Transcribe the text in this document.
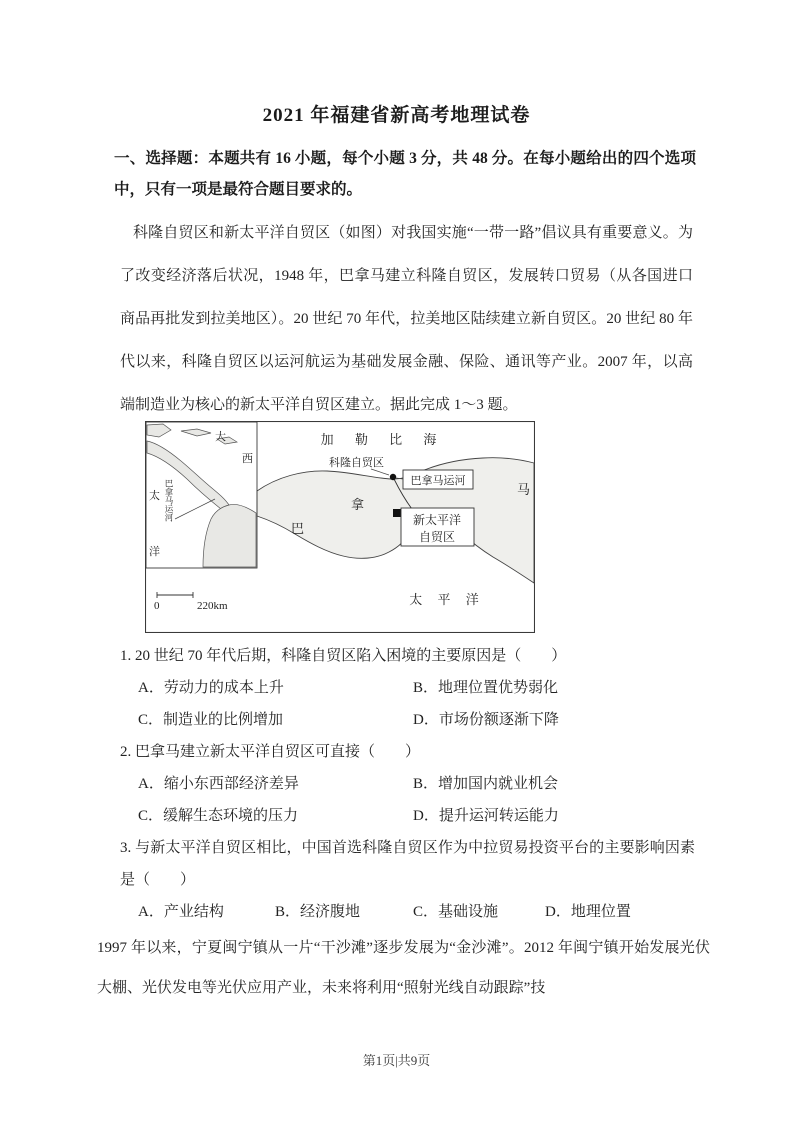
2021 年福建省新高考地理试卷

一、选择题：本题共有 16 小题，每个小题 3 分，共 48 分。在每小题给出的四个选项中，只有一项是最符合题目要求的。

科隆自贸区和新太平洋自贸区（如图）对我国实施“一带一路”倡议具有重要意义。为了改变经济落后状况，1948 年，巴拿马建立科隆自贸区，发展转口贸易（从各国进口商品再批发到拉美地区）。20 世纪 70 年代，拉美地区陆续建立新自贸区。20 世纪 80 年代以来，科隆自贸区以运河航运为基础发展金融、保险、通讯等产业。2007 年，以高端制造业为核心的新太平洋自贸区建立。据此完成 1～3 题。

加 勒 比 海
科隆自贸区
巴拿马运河
巴
拿
马
新太平洋
自贸区
太 平 洋
0	220km
大
西
太
洋
巴拿马运河
1. 20 世纪 70 年代后期，科隆自贸区陷入困境的主要原因是（　　）
A．劳动力的成本上升	B．地理位置优势弱化
C．制造业的比例增加	D．市场份额逐渐下降
2. 巴拿马建立新太平洋自贸区可直接（　　）
A．缩小东西部经济差异	B．增加国内就业机会
C．缓解生态环境的压力	D．提升运河转运能力
3. 与新太平洋自贸区相比，中国首选科隆自贸区作为中拉贸易投资平台的主要影响因素是（　　）
A．产业结构	B．经济腹地	C．基础设施	D．地理位置

1997 年以来，宁夏闽宁镇从一片“干沙滩”逐步发展为“金沙滩”。2012 年闽宁镇开始发展光伏大棚、光伏发电等光伏应用产业，未来将利用“照射光线自动跟踪”技

第1页|共9页
